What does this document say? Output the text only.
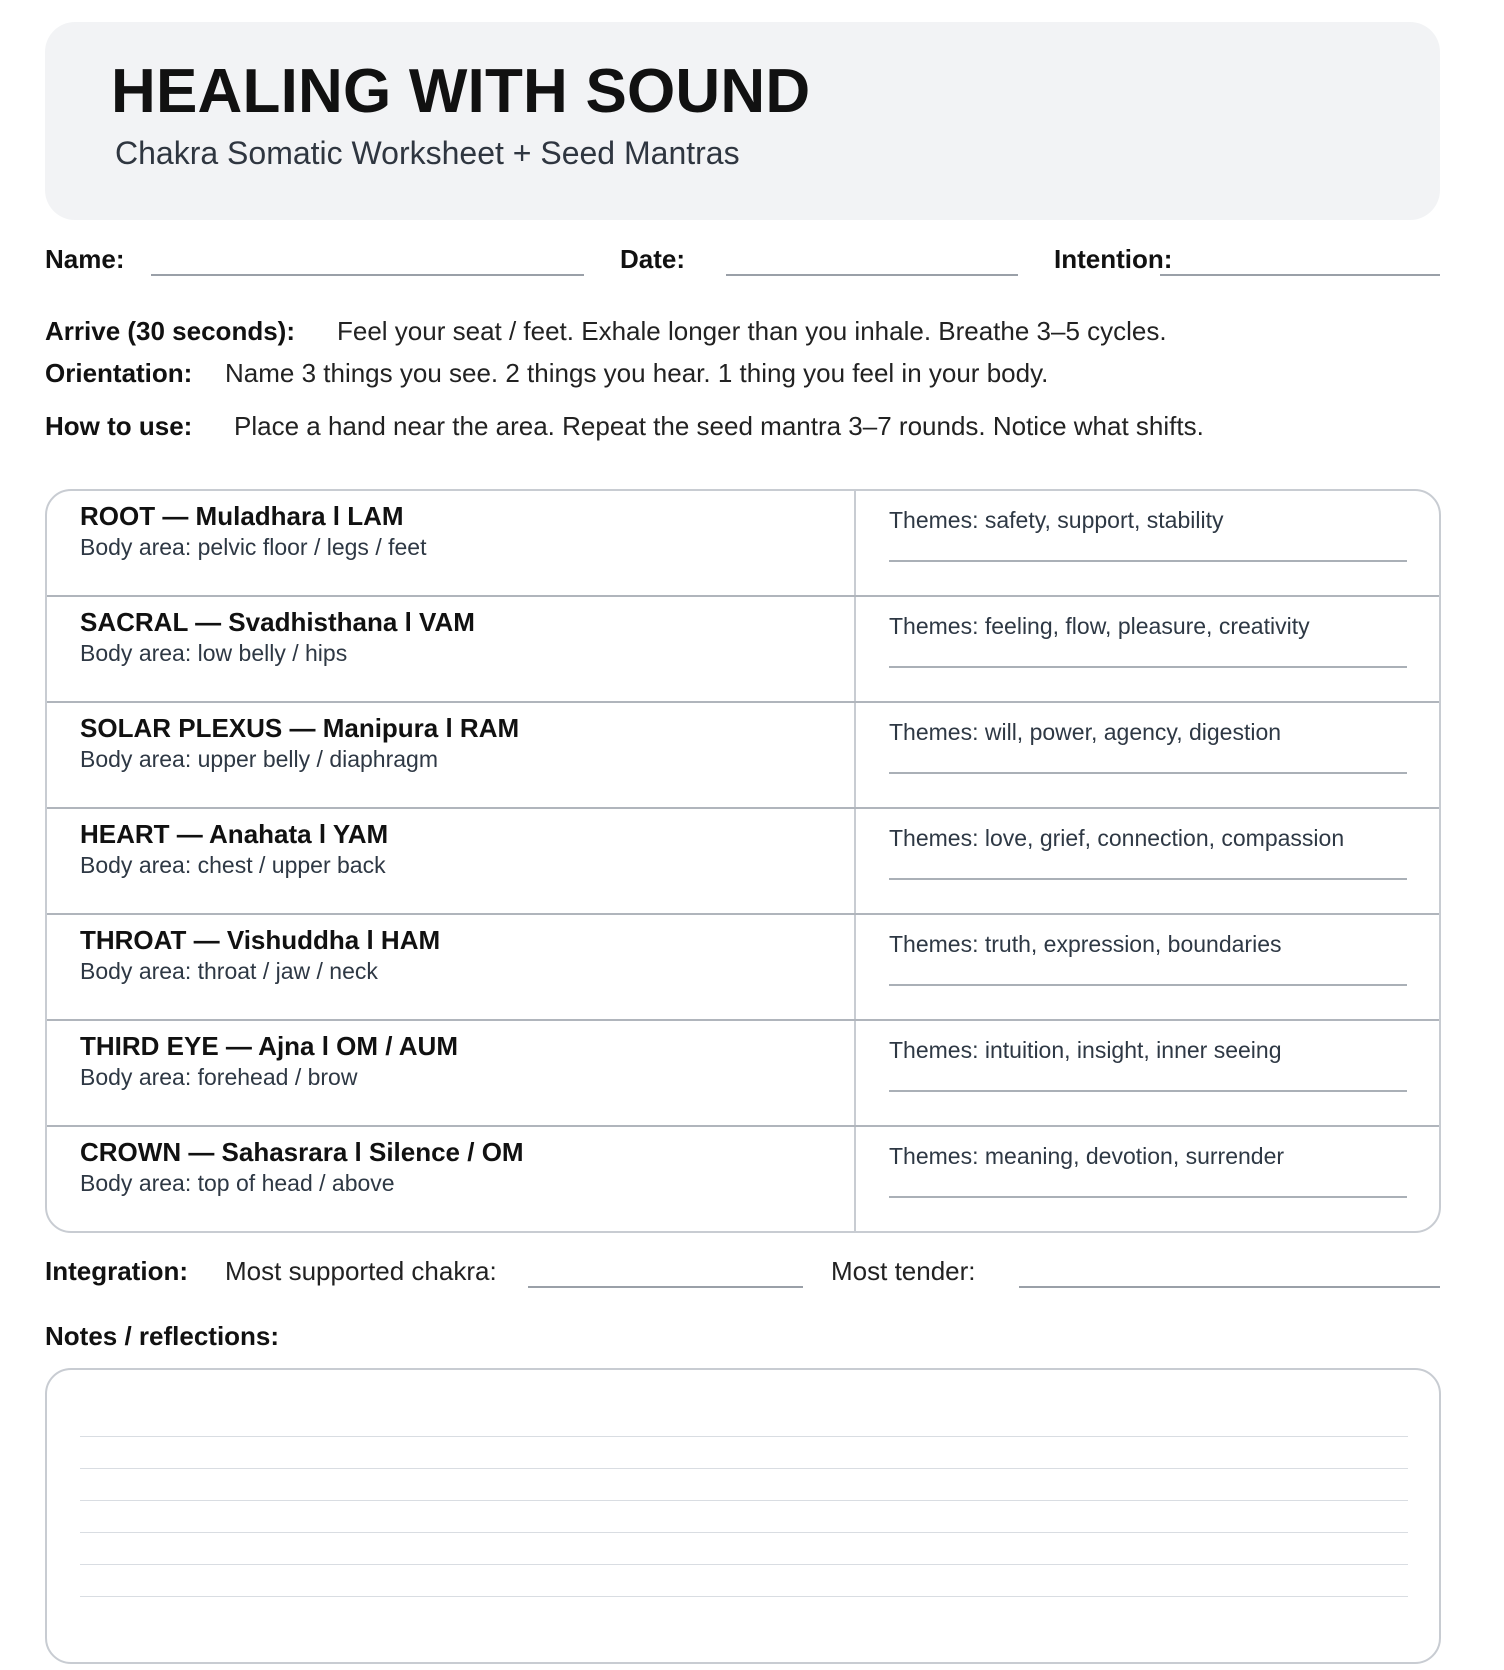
HEALING WITH SOUND
Chakra Somatic Worksheet + Seed Mantras
Name:	Date:	Intention:
Arrive (30 seconds): Feel your seat / feet. Exhale longer than you inhale. Breathe 3–5 cycles.
Orientation: Name 3 things you see. 2 things you hear. 1 thing you feel in your body.
How to use: Place a hand near the area. Repeat the seed mantra 3–7 rounds. Notice what shifts.
ROOT — Muladhara l LAM
Body area: pelvic floor / legs / feet
Themes: safety, support, stability
SACRAL — Svadhisthana l VAM
Body area: low belly / hips
Themes: feeling, flow, pleasure, creativity
SOLAR PLEXUS — Manipura l RAM
Body area: upper belly / diaphragm
Themes: will, power, agency, digestion
HEART — Anahata l YAM
Body area: chest / upper back
Themes: love, grief, connection, compassion
THROAT — Vishuddha l HAM
Body area: throat / jaw / neck
Themes: truth, expression, boundaries
THIRD EYE — Ajna l OM / AUM
Body area: forehead / brow
Themes: intuition, insight, inner seeing
CROWN — Sahasrara l Silence / OM
Body area: top of head / above
Themes: meaning, devotion, surrender
Integration: Most supported chakra:	Most tender:
Notes / reflections:
